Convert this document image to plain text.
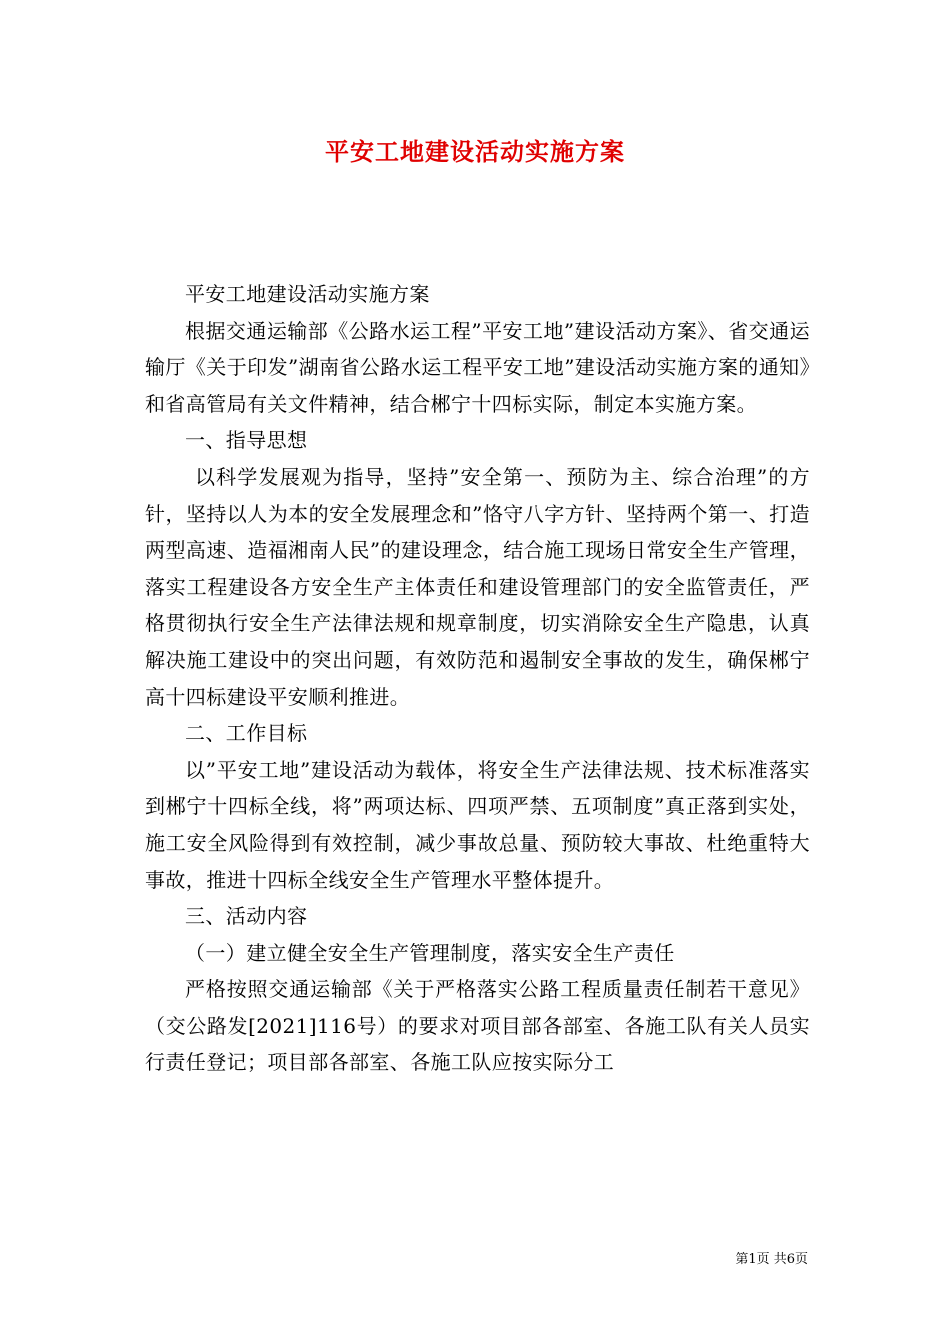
平安工地建设活动实施方案

平安工地建设活动实施方案

根据交通运输部《公路水运工程”平安工地”建设活动方案》、省交通运输厅《关于印发”湖南省公路水运工程平安工地”建设活动实施方案的通知》和省高管局有关文件精神，结合郴宁十四标实际，制定本实施方案。

一、指导思想

以科学发展观为指导，坚持”安全第一、预防为主、综合治理”的方针，坚持以人为本的安全发展理念和”恪守八字方针、坚持两个第一、打造两型高速、造福湘南人民”的建设理念，结合施工现场日常安全生产管理，落实工程建设各方安全生产主体责任和建设管理部门的安全监管责任，严格贯彻执行安全生产法律法规和规章制度，切实消除安全生产隐患，认真解决施工建设中的突出问题，有效防范和遏制安全事故的发生，确保郴宁高十四标建设平安顺利推进。

二、工作目标

以”平安工地”建设活动为载体，将安全生产法律法规、技术标准落实到郴宁十四标全线，将”两项达标、四项严禁、五项制度”真正落到实处，施工安全风险得到有效控制，减少事故总量、预防较大事故、杜绝重特大事故，推进十四标全线安全生产管理水平整体提升。

三、活动内容

（一）建立健全安全生产管理制度，落实安全生产责任

严格按照交通运输部《关于严格落实公路工程质量责任制若干意见》（交公路发[2021]116号）的要求对项目部各部室、各施工队有关人员实行责任登记；项目部各部室、各施工队应按实际分工

第1页 共6页
